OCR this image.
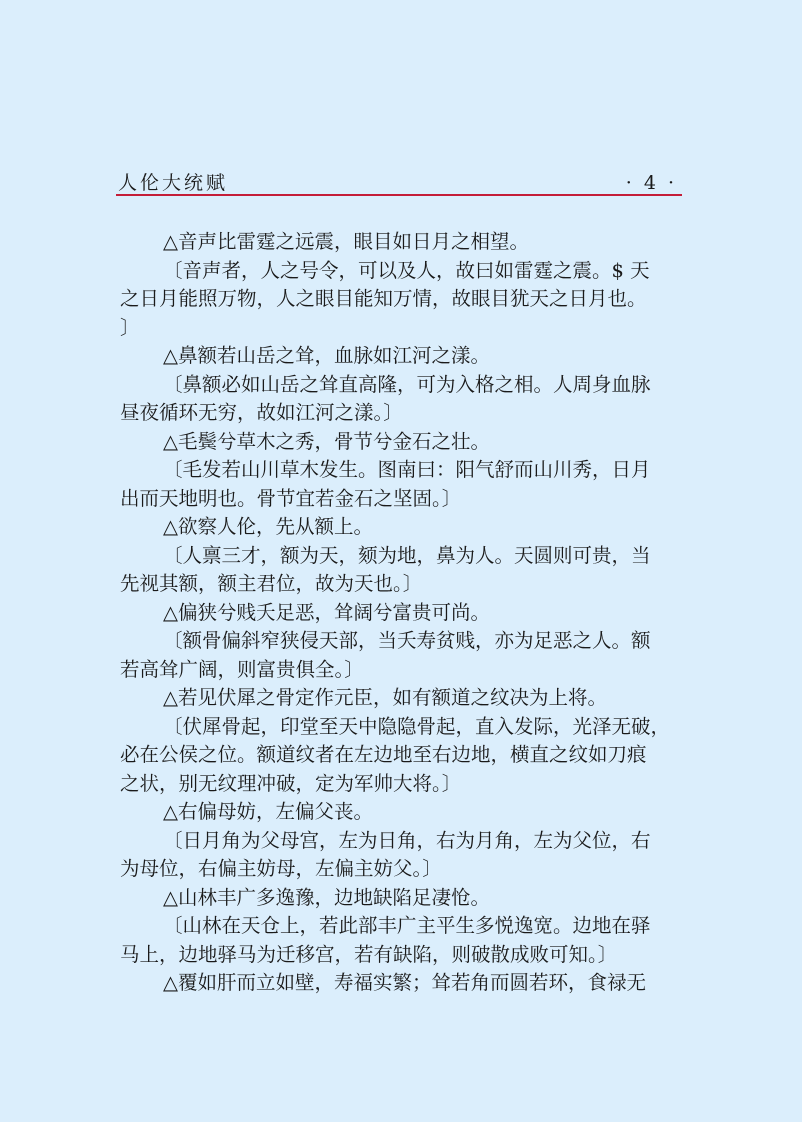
人伦大统赋	· 4 ·
△音声比雷霆之远震，眼目如日月之相望。
〔音声者，人之号令，可以及人，故曰如雷霆之震。$ 天
之日月能照万物，人之眼目能知万情，故眼目犹天之日月也。
〕
△鼻额若山岳之耸，血脉如江河之漾。
〔鼻额必如山岳之耸直高隆，可为入格之相。人周身血脉
昼夜循环无穷，故如江河之漾。〕
△毛鬓兮草木之秀，骨节兮金石之壮。
〔毛发若山川草木发生。图南曰：阳气舒而山川秀，日月
出而天地明也。骨节宜若金石之坚固。〕
△欲察人伦，先从额上。
〔人禀三才，额为天，颏为地，鼻为人。天圆则可贵，当
先视其额，额主君位，故为天也。〕
△偏狭兮贱夭足恶，耸阔兮富贵可尚。
〔额骨偏斜窄狭侵天部，当夭寿贫贱，亦为足恶之人。额
若高耸广阔，则富贵俱全。〕
△若见伏犀之骨定作元臣，如有额道之纹决为上将。
〔伏犀骨起，印堂至天中隐隐骨起，直入发际，光泽无破，
必在公侯之位。额道纹者在左边地至右边地，横直之纹如刀痕
之状，别无纹理冲破，定为军帅大将。〕
△右偏母妨，左偏父丧。
〔日月角为父母宫，左为日角，右为月角，左为父位，右
为母位，右偏主妨母，左偏主妨父。〕
△山林丰广多逸豫，边地缺陷足凄怆。
〔山林在天仓上，若此部丰广主平生多悦逸宽。边地在驿
马上，边地驿马为迁移宫，若有缺陷，则破散成败可知。〕
△覆如肝而立如壁，寿福实繁；耸若角而圆若环，食禄无
